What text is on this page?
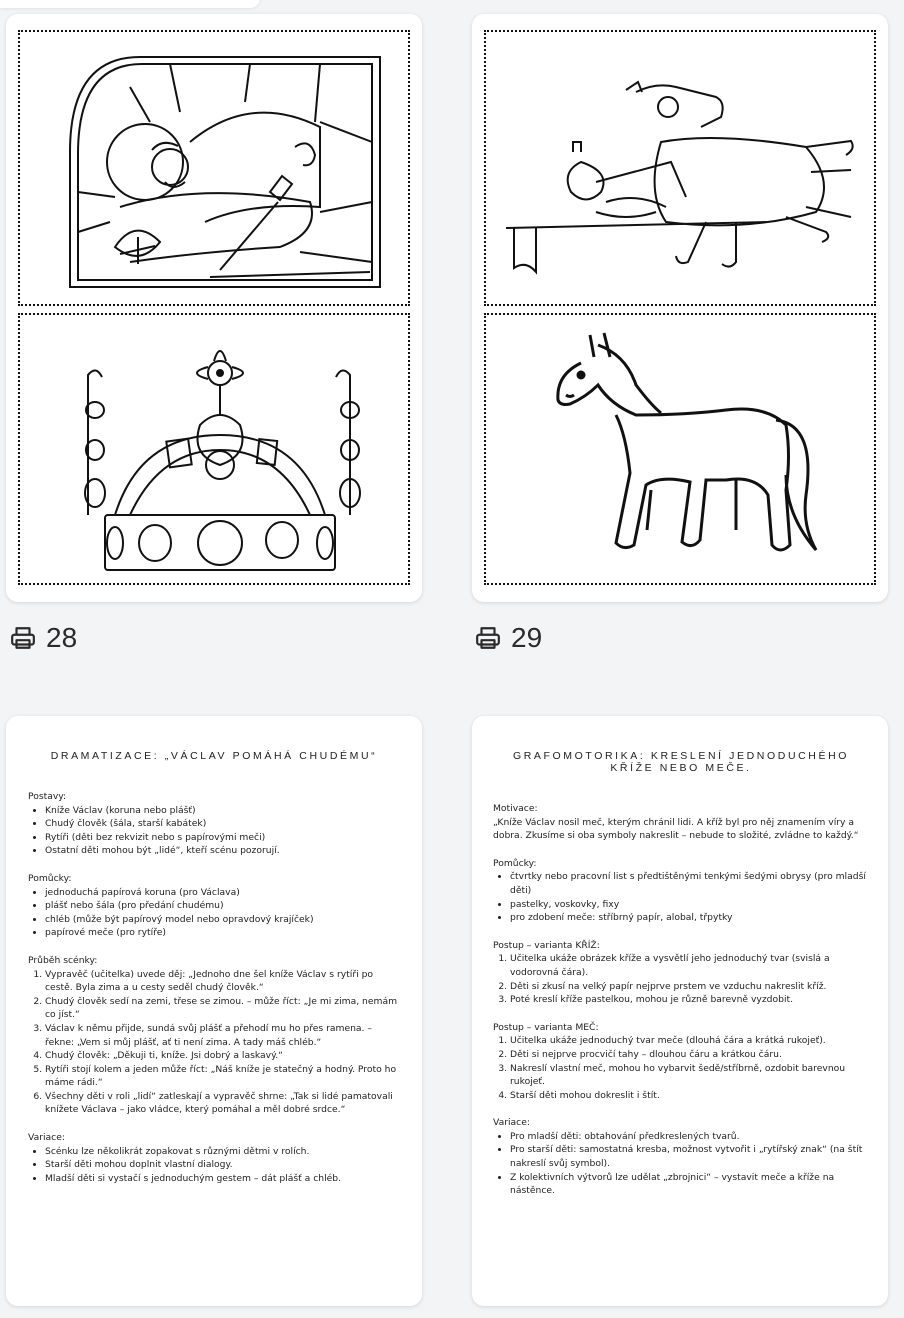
28	29
DRAMATIZACE: „VÁCLAV POMÁHÁ CHUDÉMU“
Postavy:
• Kníže Václav (koruna nebo plášť)
• Chudý člověk (šála, starší kabátek)
• Rytíři (děti bez rekvizit nebo s papírovými meči)
• Ostatní děti mohou být „lidé“, kteří scénu pozorují.
Pomůcky:
• jednoduchá papírová koruna (pro Václava)
• plášť nebo šála (pro předání chudému)
• chléb (může být papírový model nebo opravdový krajíček)
• papírové meče (pro rytíře)
Průběh scénky:
1. Vypravěč (učitelka) uvede děj: „Jednoho dne šel kníže Václav s rytíři po cestě. Byla zima a u cesty seděl chudý člověk.“
2. Chudý člověk sedí na zemi, třese se zimou. – může říct: „Je mi zima, nemám co jíst.“
3. Václav k němu přijde, sundá svůj plášť a přehodí mu ho přes ramena. – řekne: „Vem si můj plášť, ať ti není zima. A tady máš chléb.“
4. Chudý člověk: „Děkuji ti, kníže. Jsi dobrý a laskavý.“
5. Rytíři stojí kolem a jeden může říct: „Náš kníže je statečný a hodný. Proto ho máme rádi.“
6. Všechny děti v roli „lidí“ zatleskají a vypravěč shrne: „Tak si lidé pamatovali knížete Václava – jako vládce, který pomáhal a měl dobré srdce.“
Variace:
• Scénku lze několikrát zopakovat s různými dětmi v rolích.
• Starší děti mohou doplnit vlastní dialogy.
• Mladší děti si vystačí s jednoduchým gestem – dát plášť a chléb.
GRAFOMOTORIKA: KRESLENÍ JEDNODUCHÉHO KŘÍŽE NEBO MEČE.
Motivace:

„Kníže Václav nosil meč, kterým chránil lidi. A kříž byl pro něj znamením víry a dobra. Zkusíme si oba symboly nakreslit – nebude to složité, zvládne to každý.“

Pomůcky:
• čtvrtky nebo pracovní list s předtištěnými tenkými šedými obrysy (pro mladší děti)
• pastelky, voskovky, fixy
• pro zdobení meče: stříbrný papír, alobal, třpytky
Postup – varianta KŘÍŽ:
1. Učitelka ukáže obrázek kříže a vysvětlí jeho jednoduchý tvar (svislá a vodorovná čára).
2. Děti si zkusí na velký papír nejprve prstem ve vzduchu nakreslit kříž.
3. Poté kreslí kříže pastelkou, mohou je různě barevně vyzdobit.
Postup – varianta MEČ:
1. Učitelka ukáže jednoduchý tvar meče (dlouhá čára a krátká rukojeť).
2. Děti si nejprve procvičí tahy – dlouhou čáru a krátkou čáru.
3. Nakreslí vlastní meč, mohou ho vybarvit šedě/stříbrně, ozdobit barevnou rukojeť.
4. Starší děti mohou dokreslit i štít.
Variace:
• Pro mladší děti: obtahování předkreslených tvarů.
• Pro starší děti: samostatná kresba, možnost vytvořit i „rytířský znak“ (na štít nakreslí svůj symbol).
• Z kolektivních výtvorů lze udělat „zbrojnici“ – vystavit meče a kříže na nástěnce.
